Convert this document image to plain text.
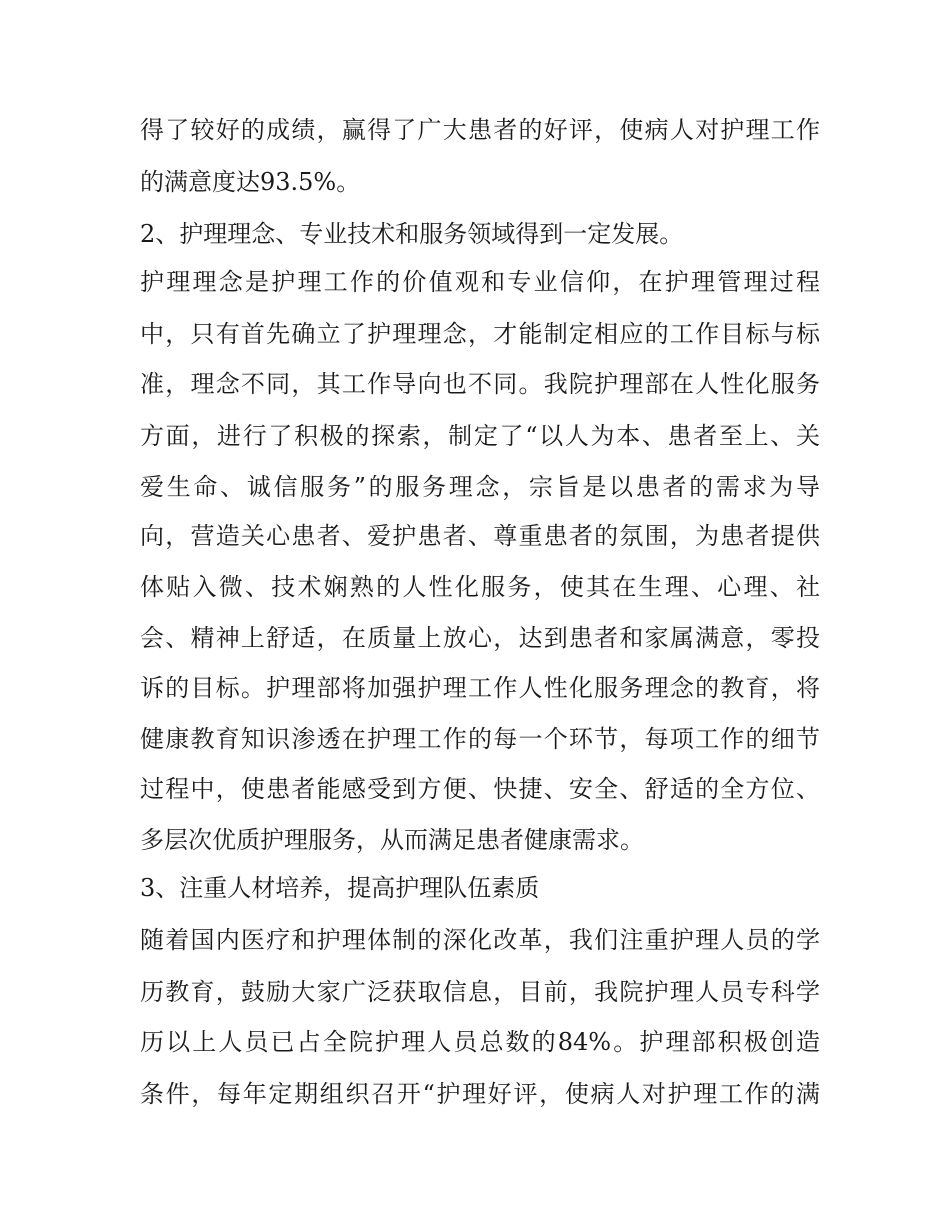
得了较好的成绩，赢得了广大患者的好评，使病人对护理工作
的满意度达93.5%。
2、护理理念、专业技术和服务领域得到一定发展。
护理理念是护理工作的价值观和专业信仰，在护理管理过程
中，只有首先确立了护理理念，才能制定相应的工作目标与标
准，理念不同，其工作导向也不同。我院护理部在人性化服务
方面，进行了积极的探索，制定了“以人为本、患者至上、关
爱生命、诚信服务”的服务理念，宗旨是以患者的需求为导
向，营造关心患者、爱护患者、尊重患者的氛围，为患者提供
体贴入微、技术娴熟的人性化服务，使其在生理、心理、社
会、精神上舒适，在质量上放心，达到患者和家属满意，零投
诉的目标。护理部将加强护理工作人性化服务理念的教育，将
健康教育知识渗透在护理工作的每一个环节，每项工作的细节
过程中，使患者能感受到方便、快捷、安全、舒适的全方位、
多层次优质护理服务，从而满足患者健康需求。
3、注重人材培养，提高护理队伍素质
随着国内医疗和护理体制的深化改革，我们注重护理人员的学
历教育，鼓励大家广泛获取信息，目前，我院护理人员专科学
历以上人员已占全院护理人员总数的84%。护理部积极创造
条件，每年定期组织召开“护理好评，使病人对护理工作的满
